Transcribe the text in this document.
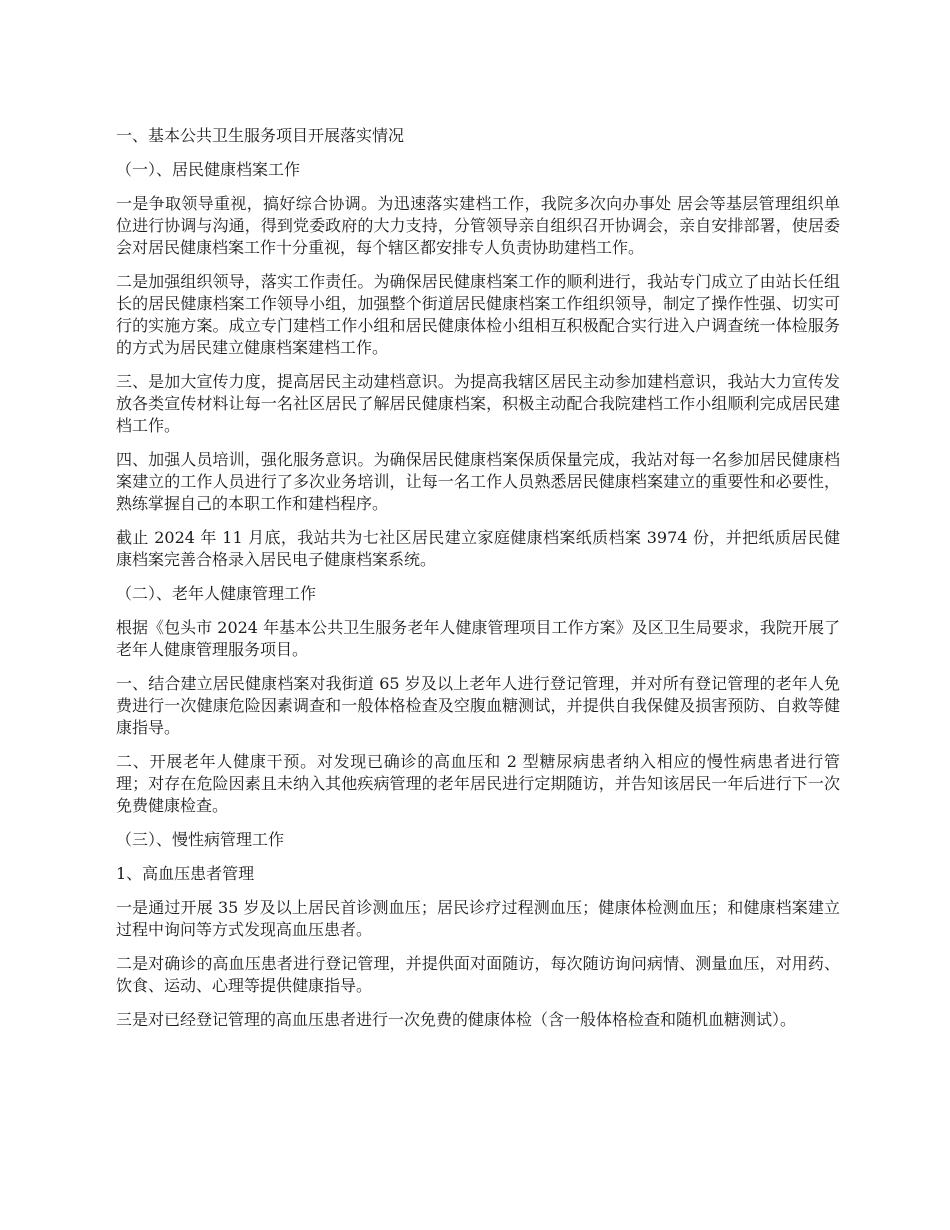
一、基本公共卫生服务项目开展落实情况

（一）、居民健康档案工作

一是争取领导重视，搞好综合协调。为迅速落实建档工作，我院多次向办事处 居会等基层管理组织单位进行协调与沟通，得到党委政府的大力支持，分管领导亲自组织召开协调会，亲自安排部署，使居委会对居民健康档案工作十分重视，每个辖区都安排专人负责协助建档工作。

二是加强组织领导，落实工作责任。为确保居民健康档案工作的顺利进行，我站专门成立了由站长任组长的居民健康档案工作领导小组，加强整个街道居民健康档案工作组织领导，制定了操作性强、切实可行的实施方案。成立专门建档工作小组和居民健康体检小组相互积极配合实行进入户调查统一体检服务的方式为居民建立健康档案建档工作。

三、是加大宣传力度，提高居民主动建档意识。为提高我辖区居民主动参加建档意识，我站大力宣传发放各类宣传材料让每一名社区居民了解居民健康档案，积极主动配合我院建档工作小组顺利完成居民建档工作。

四、加强人员培训，强化服务意识。为确保居民健康档案保质保量完成，我站对每一名参加居民健康档案建立的工作人员进行了多次业务培训，让每一名工作人员熟悉居民健康档案建立的重要性和必要性，熟练掌握自己的本职工作和建档程序。

截止 2024 年 11 月底，我站共为七社区居民建立家庭健康档案纸质档案 3974 份，并把纸质居民健康档案完善合格录入居民电子健康档案系统。

（二）、老年人健康管理工作

根据《包头市 2024 年基本公共卫生服务老年人健康管理项目工作方案》及区卫生局要求，我院开展了老年人健康管理服务项目。

一、结合建立居民健康档案对我街道 65 岁及以上老年人进行登记管理，并对所有登记管理的老年人免费进行一次健康危险因素调查和一般体格检查及空腹血糖测试，并提供自我保健及损害预防、自救等健康指导。

二、开展老年人健康干预。对发现已确诊的高血压和 2 型糖尿病患者纳入相应的慢性病患者进行管理；对存在危险因素且未纳入其他疾病管理的老年居民进行定期随访，并告知该居民一年后进行下一次免费健康检查。

（三）、慢性病管理工作

1、高血压患者管理

一是通过开展 35 岁及以上居民首诊测血压；居民诊疗过程测血压；健康体检测血压；和健康档案建立过程中询问等方式发现高血压患者。

二是对确诊的高血压患者进行登记管理，并提供面对面随访，每次随访询问病情、测量血压，对用药、饮食、运动、心理等提供健康指导。

三是对已经登记管理的高血压患者进行一次免费的健康体检（含一般体格检查和随机血糖测试）。
